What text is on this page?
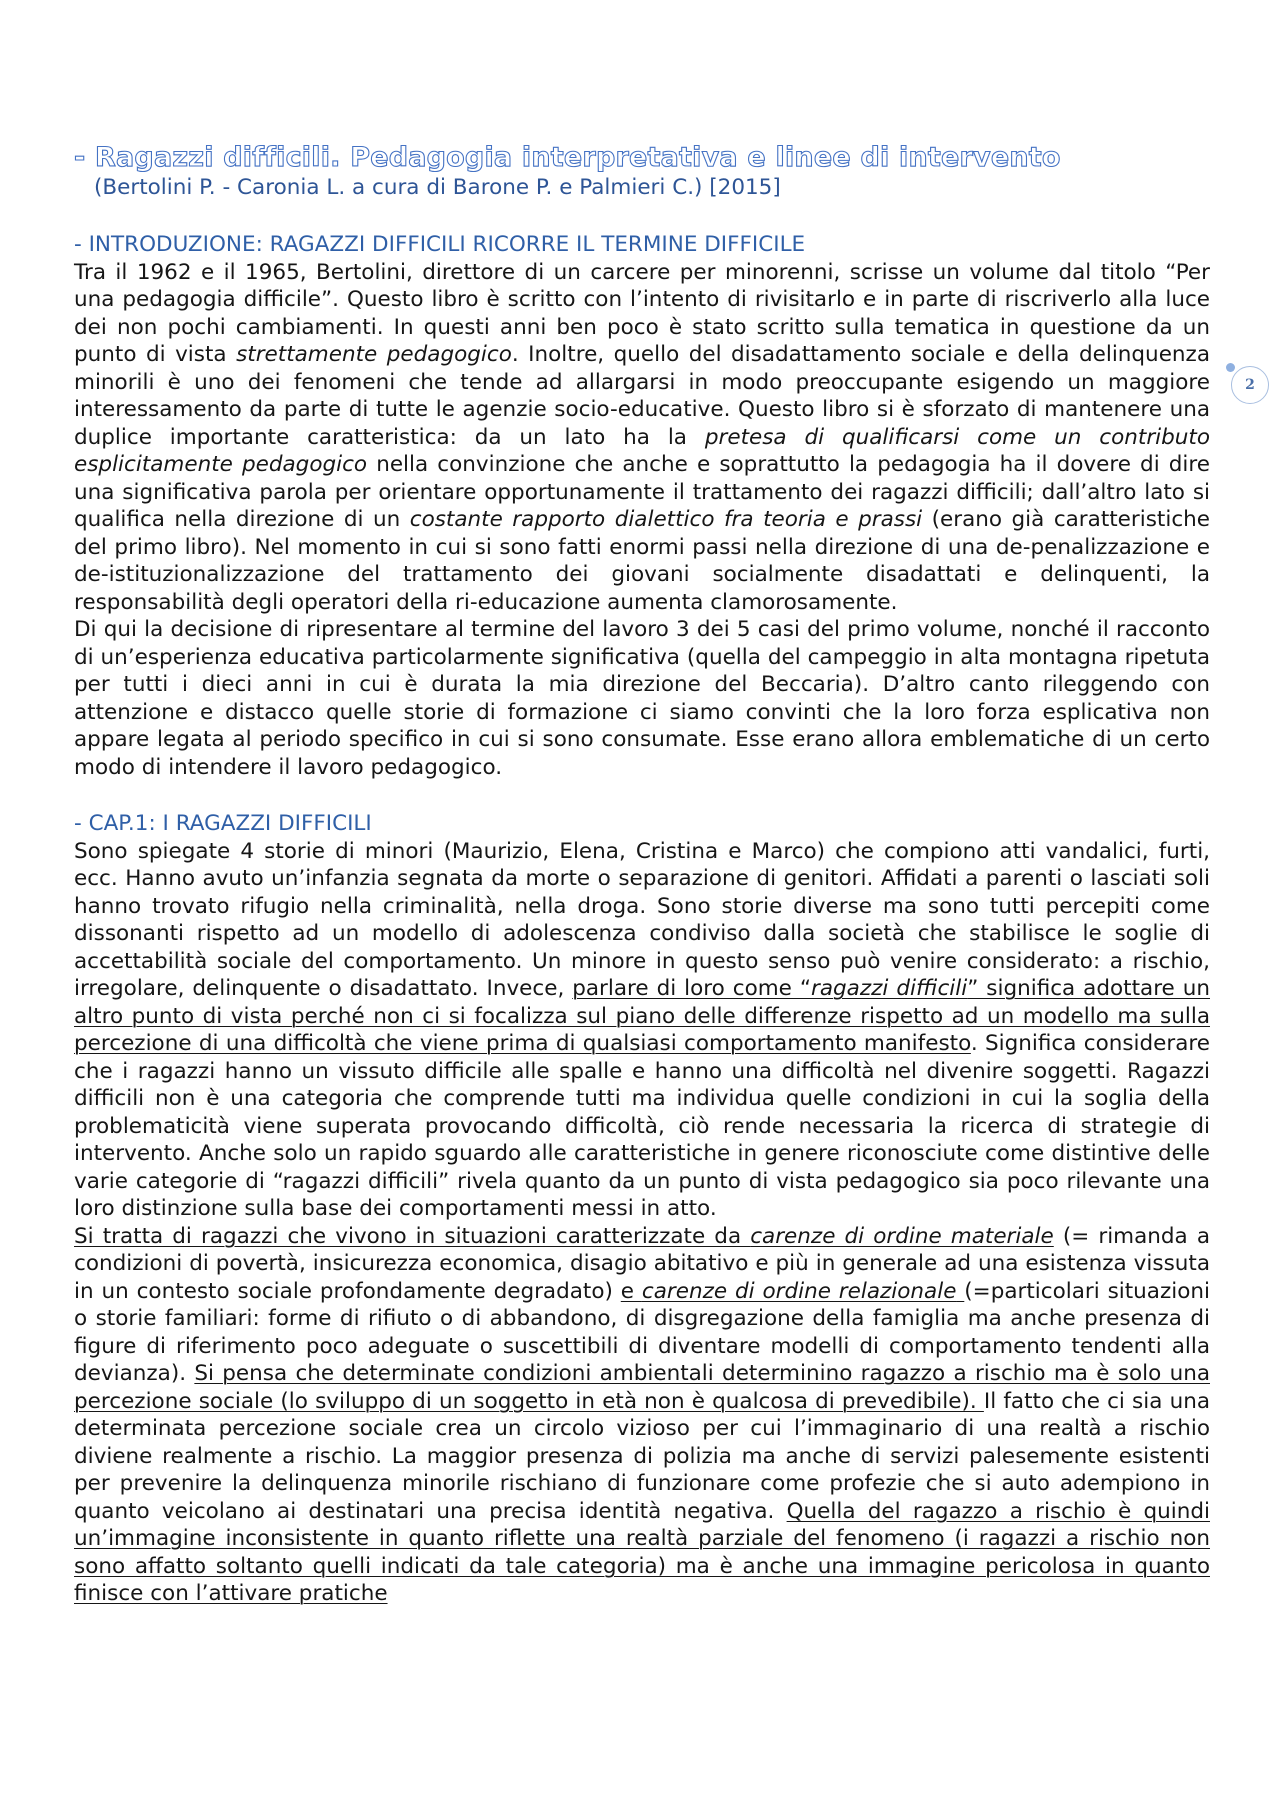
- Ragazzi difficili. Pedagogia interpretativa e linee di intervento
(Bertolini P. - Caronia L. a cura di Barone P. e Palmieri C.) [2015]
- INTRODUZIONE: RAGAZZI DIFFICILI RICORRE IL TERMINE DIFFICILE

Tra il 1962 e il 1965, Bertolini, direttore di un carcere per minorenni, scrisse un volume dal titolo “Per una pedagogia difficile”. Questo libro è scritto con l’intento di rivisitarlo e in parte di riscriverlo alla luce dei non pochi cambiamenti. In questi anni ben poco è stato scritto sulla tematica in questione da un punto di vista strettamente pedagogico. Inoltre, quello del disadattamento sociale e della delinquenza minorili è uno dei fenomeni che tende ad allargarsi in modo preoccupante esigendo un maggiore interessamento da parte di tutte le agenzie socio-educative. Questo libro si è sforzato di mantenere una duplice importante caratteristica: da un lato ha la pretesa di qualificarsi come un contributo esplicitamente pedagogico nella convinzione che anche e soprattutto la pedagogia ha il dovere di dire una significativa parola per orientare opportunamente il trattamento dei ragazzi difficili; dall’altro lato si qualifica nella direzione di un costante rapporto dialettico fra teoria e prassi (erano già caratteristiche del primo libro). Nel momento in cui si sono fatti enormi passi nella direzione di una de-penalizzazione e de-istituzionalizzazione del trattamento dei giovani socialmente disadattati e delinquenti, la responsabilità degli operatori della ri-educazione aumenta clamorosamente.

Di qui la decisione di ripresentare al termine del lavoro 3 dei 5 casi del primo volume, nonché il racconto di un’esperienza educativa particolarmente significativa (quella del campeggio in alta montagna ripetuta per tutti i dieci anni in cui è durata la mia direzione del Beccaria). D’altro canto rileggendo con attenzione e distacco quelle storie di formazione ci siamo convinti che la loro forza esplicativa non appare legata al periodo specifico in cui si sono consumate. Esse erano allora emblematiche di un certo modo di intendere il lavoro pedagogico.

- CAP.1: I RAGAZZI DIFFICILI

Sono spiegate 4 storie di minori (Maurizio, Elena, Cristina e Marco) che compiono atti vandalici, furti, ecc. Hanno avuto un’infanzia segnata da morte o separazione di genitori. Affidati a parenti o lasciati soli hanno trovato rifugio nella criminalità, nella droga. Sono storie diverse ma sono tutti percepiti come dissonanti rispetto ad un modello di adolescenza condiviso dalla società che stabilisce le soglie di accettabilità sociale del comportamento. Un minore in questo senso può venire considerato: a rischio, irregolare, delinquente o disadattato. Invece, parlare di loro come “ragazzi difficili” significa adottare un altro punto di vista perché non ci si focalizza sul piano delle differenze rispetto ad un modello ma sulla percezione di una difficoltà che viene prima di qualsiasi comportamento manifesto. Significa considerare che i ragazzi hanno un vissuto difficile alle spalle e hanno una difficoltà nel divenire soggetti. Ragazzi difficili non è una categoria che comprende tutti ma individua quelle condizioni in cui la soglia della problematicità viene superata provocando difficoltà, ciò rende necessaria la ricerca di strategie di intervento. Anche solo un rapido sguardo alle caratteristiche in genere riconosciute come distintive delle varie categorie di “ragazzi difficili” rivela quanto da un punto di vista pedagogico sia poco rilevante una loro distinzione sulla base dei comportamenti messi in atto.

Si tratta di ragazzi che vivono in situazioni caratterizzate da carenze di ordine materiale (= rimanda a condizioni di povertà, insicurezza economica, disagio abitativo e più in generale ad una esistenza vissuta in un contesto sociale profondamente degradato) e carenze di ordine relazionale (=particolari situazioni o storie familiari: forme di rifiuto o di abbandono, di disgregazione della famiglia ma anche presenza di figure di riferimento poco adeguate o suscettibili di diventare modelli di comportamento tendenti alla devianza). Si pensa che determinate condizioni ambientali determinino ragazzo a rischio ma è solo una percezione sociale (lo sviluppo di un soggetto in età non è qualcosa di prevedibile). Il fatto che ci sia una determinata percezione sociale crea un circolo vizioso per cui l’immaginario di una realtà a rischio diviene realmente a rischio. La maggior presenza di polizia ma anche di servizi palesemente esistenti per prevenire la delinquenza minorile rischiano di funzionare come profezie che si auto adempiono in quanto veicolano ai destinatari una precisa identità negativa. Quella del ragazzo a rischio è quindi un’immagine inconsistente in quanto riflette una realtà parziale del fenomeno (i ragazzi a rischio non sono affatto soltanto quelli indicati da tale categoria) ma è anche una immagine pericolosa in quanto finisce con l’attivare pratiche

2
